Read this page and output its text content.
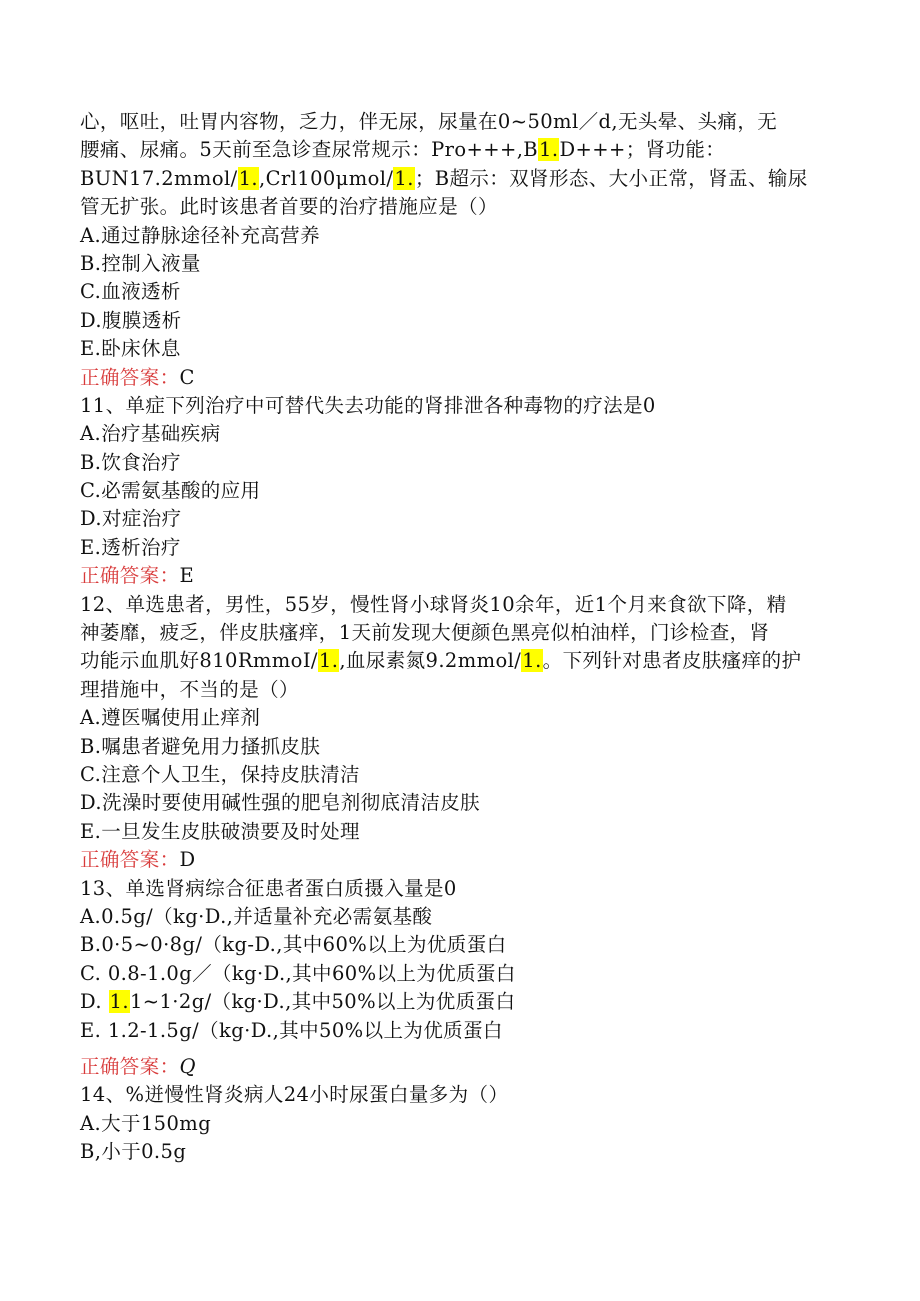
心，呕吐，吐胃内容物，乏力，伴无尿，尿量在0~50ml／d,无头晕、头痛，无
腰痛、尿痛。5天前至急诊查尿常规示：Pro+++,B1.D+++；肾功能：
BUN17.2mmol/1.,Crl100μmol/1.；B超示：双肾形态、大小正常，肾盂、输尿
管无扩张。此时该患者首要的治疗措施应是（）
A.通过静脉途径补充高营养
B.控制入液量
C.血液透析
D.腹膜透析
E.卧床休息
正确答案：C
11、单症下列治疗中可替代失去功能的肾排泄各种毒物的疗法是0
A.治疗基础疾病
B.饮食治疗
C.必需氨基酸的应用
D.对症治疗
E.透析治疗
正确答案：E
12、单选患者，男性，55岁，慢性肾小球肾炎10余年，近1个月来食欲下降，精
神萎靡，疲乏，伴皮肤瘙痒，1天前发现大便颜色黑亮似柏油样，门诊检查，肾
功能示血肌好810RmmoI/1.,血尿素氮9.2mmol/1.。下列针对患者皮肤瘙痒的护
理措施中，不当的是（）
A.遵医嘱使用止痒剂
B.嘱患者避免用力搔抓皮肤
C.注意个人卫生，保持皮肤清洁
D.洗澡时要使用碱性强的肥皂剂彻底清洁皮肤
E.一旦发生皮肤破溃要及时处理
正确答案：D
13、单选肾病综合征患者蛋白质摄入量是0
A.0.5g/（kg·D.,并适量补充必需氨基酸
B.0·5~0·8g/（kg-D.,其中60%以上为优质蛋白
C. 0.8-1.0g／（kg·D.,其中60%以上为优质蛋白
D. 1.1~1·2g/（kg·D.,其中50%以上为优质蛋白
E. 1.2-1.5g/（kg·D.,其中50%以上为优质蛋白
正确答案：Q
14、%迸慢性肾炎病人24小时尿蛋白量多为（）
A.大于150mg
B,小于0.5g
